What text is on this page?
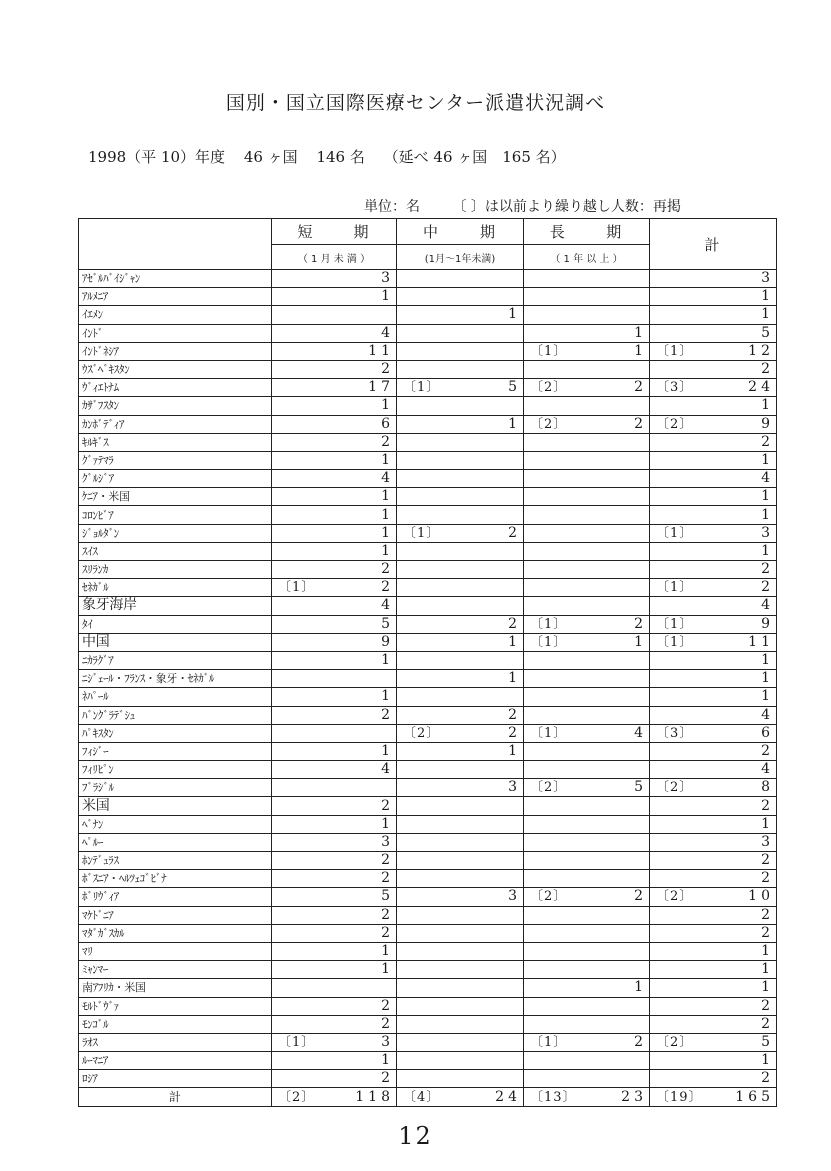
国別・国立国際医療センター派遣状況調べ
1998（平 10）年度 46 ヶ国 146 名 （延べ 46 ヶ国　165 名）
単位：名 〔 〕は以前より繰り越し人数：再掲

	短 期	中 期	長 期	計
	（ 1 月 未 満 ）	(1月～1年未満)	（ 1 年 以 上 ）	
ｱｾﾞﾙﾊﾞｲｼﾞｬﾝ	3			3

ｱﾙﾒﾆｱ	1			1

ｲｴﾒﾝ		1		1

ｲﾝﾄﾞ	4		1	5

ｲﾝﾄﾞﾈｼｱ	11		〔1〕 1	〔1〕 12

ｳｽﾞﾍﾞｷｽﾀﾝ	2			2

ｳﾞｨｴﾄﾅﾑ	17	〔1〕 5	〔2〕 2	〔3〕 24

ｶｻﾞﾌｽﾀﾝ	1			1

ｶﾝﾎﾞﾃﾞｨｱ	6	1	〔2〕 2	〔2〕 9

ｷﾙｷﾞｽ	2			2

ｸﾞｧﾃﾏﾗ	1			1

ｸﾞﾙｼﾞｱ	4			4

ｹﾆｱ・米国	1			1

ｺﾛﾝﾋﾞｱ	1			1

ｼﾞｮﾙﾀﾞﾝ	1	〔1〕 2		〔1〕 3

ｽｲｽ	1			1

ｽﾘﾗﾝｶ	2			2

ｾﾈｶﾞﾙ	〔1〕 2			〔1〕 2

象牙海岸	4			4

ﾀｲ	5	2	〔1〕 2	〔1〕 9

中国	9	1	〔1〕 1	〔1〕 11

ﾆｶﾗｸﾞｱ	1			1

ﾆｼﾞｪｰﾙ・ﾌﾗﾝｽ・象牙・ｾﾈｶﾞﾙ		1		1

ﾈﾊﾟｰﾙ	1			1

ﾊﾞﾝｸﾞﾗﾃﾞｼｭ	2	2		4

ﾊﾟｷｽﾀﾝ		〔2〕 2	〔1〕 4	〔3〕 6

ﾌｨｼﾞｰ	1	1		2

ﾌｨﾘﾋﾟﾝ	4			4

ﾌﾞﾗｼﾞﾙ		3	〔2〕 5	〔2〕 8

米国	2			2

ﾍﾞﾅﾝ	1			1

ﾍﾟﾙｰ	3			3

ﾎﾝﾃﾞｭﾗｽ	2			2

ﾎﾞｽﾆｱ・ﾍﾙﾂｪｺﾞﾋﾞﾅ	2			2

ﾎﾞﾘｳﾞｨｱ	5	3	〔2〕 2	〔2〕 10

ﾏｹﾄﾞﾆｱ	2			2

ﾏﾀﾞｶﾞｽｶﾙ	2			2

ﾏﾘ	1			1

ﾐｬﾝﾏｰ	1			1

南ｱﾌﾘｶ・米国			1	1

ﾓﾙﾄﾞｳﾞｧ	2			2

ﾓﾝｺﾞﾙ	2			2

ﾗｵｽ	〔1〕 3		〔1〕 2	〔2〕 5

ﾙｰﾏﾆｱ	1			1

ﾛｼｱ	2			2

計	〔2〕 118	〔4〕 24	〔13〕 23	〔19〕 165
12
